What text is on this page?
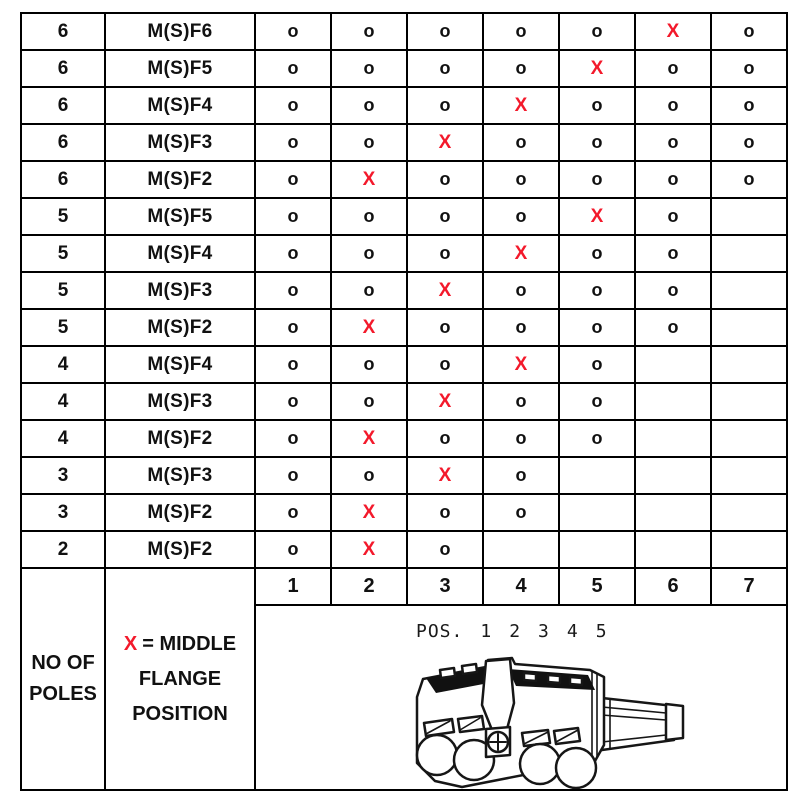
6	M(S)F6	o	o	o	o	o	X	o
6	M(S)F5	o	o	o	o	X	o	o
6	M(S)F4	o	o	o	X	o	o	o
6	M(S)F3	o	o	X	o	o	o	o
6	M(S)F2	o	X	o	o	o	o	o
5	M(S)F5	o	o	o	o	X	o	
5	M(S)F4	o	o	o	X	o	o	
5	M(S)F3	o	o	X	o	o	o	
5	M(S)F2	o	X	o	o	o	o	
4	M(S)F4	o	o	o	X	o		
4	M(S)F3	o	o	X	o	o		
4	M(S)F2	o	X	o	o	o		
3	M(S)F3	o	o	X	o			
3	M(S)F2	o	X	o	o			
2	M(S)F2	o	X	o				

NO OF
POLES

X = MIDDLE
FLANGE
POSITION
	1	2	3	4	5	6	7

		POS. 1 2 3 4 5						
